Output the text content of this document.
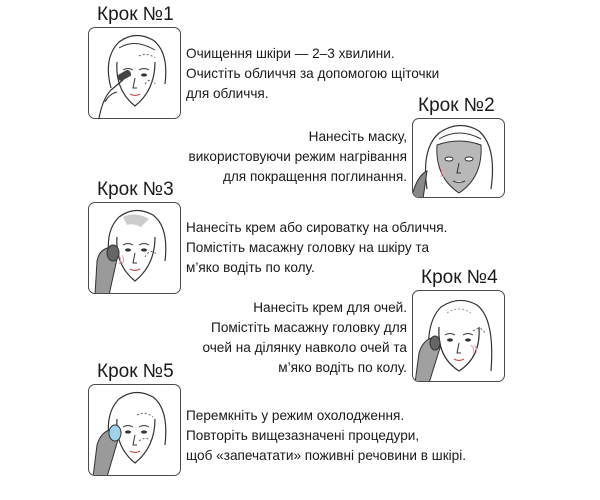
Крок №1
Очищення шкіри — 2–3 хвилини.
Очистіть обличчя за допомогою щіточки
для обличчя.
Крок №2
Нанесіть маску,
використовуючи режим нагрівання
для покращення поглинання.
Крок №3
Нанесіть крем або сироватку на обличчя.
Помістіть масажну головку на шкіру та
м’яко водіть по колу.	Крок №4
Нанесіть крем для очей.
Помістіть масажну головку для
очей на ділянку навколо очей та
м’яко водіть по колу.
Крок №5
Перемкніть у режим охолодження.
Повторіть вищезазначені процедури,
щоб «запечатати» поживні речовини в шкірі.
